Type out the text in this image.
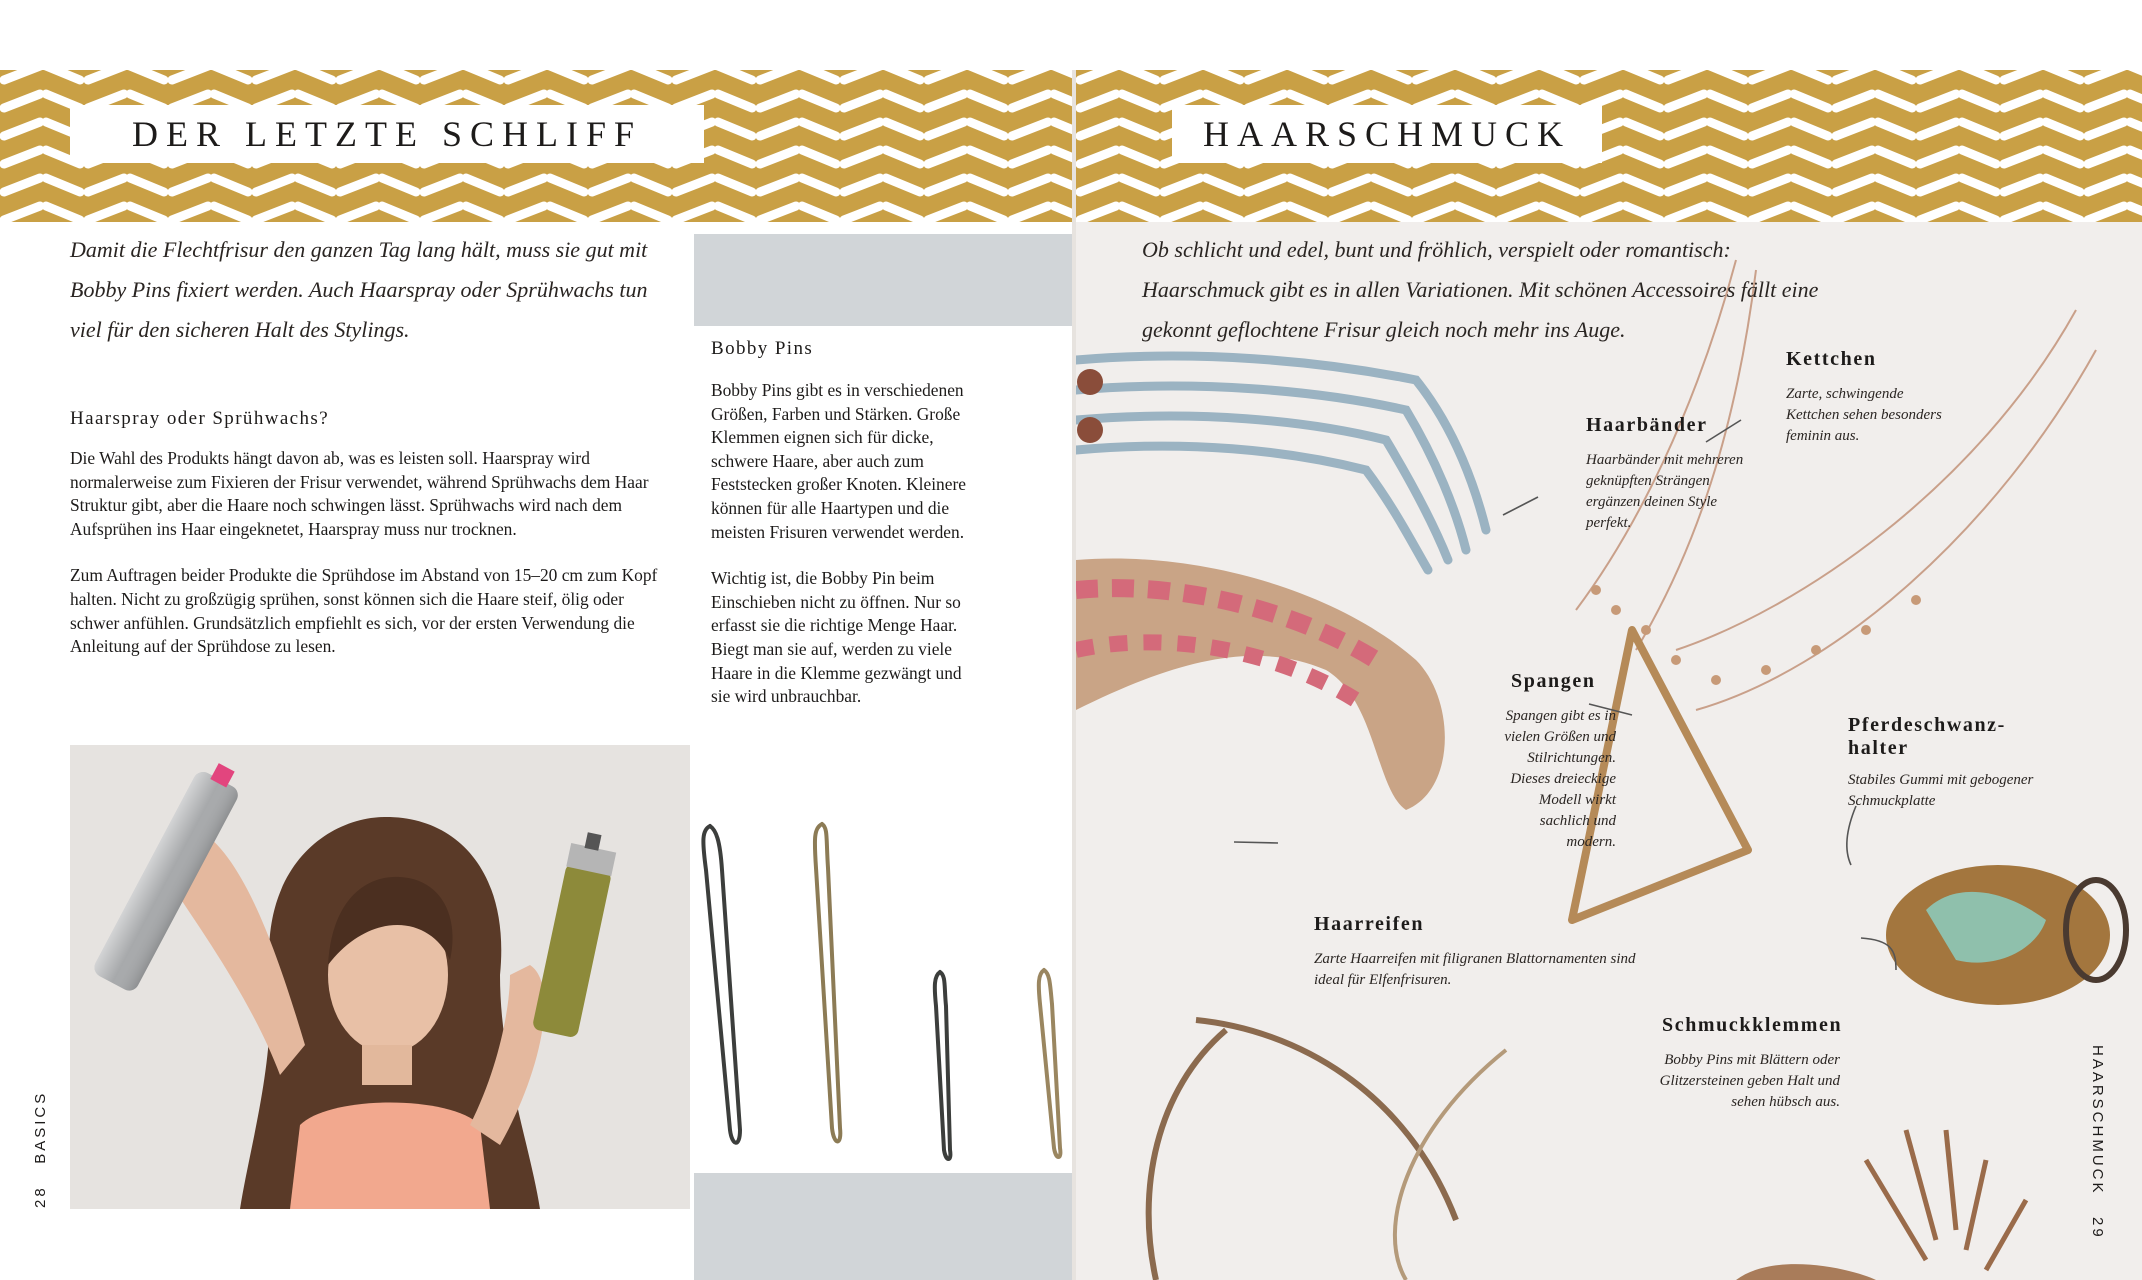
DER LETZTE SCHLIFF
Damit die Flechtfrisur den ganzen Tag lang hält, muss sie gut mit Bobby Pins fixiert werden. Auch Haarspray oder Sprühwachs tun viel für den sicheren Halt des Stylings.
Haarspray oder Sprühwachs?

Die Wahl des Produkts hängt davon ab, was es leisten soll. Haarspray wird normalerweise zum Fixieren der Frisur verwendet, während Sprühwachs dem Haar Struktur gibt, aber die Haare noch schwingen lässt. Sprühwachs wird nach dem Aufsprühen ins Haar eingeknetet, Haarspray muss nur trocknen.

Zum Auftragen beider Produkte die Sprühdose im Abstand von 15–20 cm zum Kopf halten. Nicht zu großzügig sprühen, sonst können sich die Haare steif, ölig oder schwer anfühlen. Grundsätzlich empfiehlt es sich, vor der ersten Verwendung die Anleitung auf der Sprühdose zu lesen.

Bobby Pins

Bobby Pins gibt es in verschiedenen Größen, Farben und Stärken. Große Klemmen eignen sich für dicke, schwere Haare, aber auch zum Feststecken großer Knoten. Kleinere können für alle Haartypen und die meisten Frisuren verwendet werden.

Wichtig ist, die Bobby Pin beim Einschieben nicht zu öffnen. Nur so erfasst sie die richtige Menge Haar. Biegt man sie auf, werden zu viele Haare in die Klemme gezwängt und sie wird unbrauchbar.

28   BASICS
HAARSCHMUCK
Ob schlicht und edel, bunt und fröhlich, verspielt oder romantisch: Haarschmuck gibt es in allen Variationen. Mit schönen Accessoires fällt eine gekonnt geflochtene Frisur gleich noch mehr ins Auge.
Kettchen
Zarte, schwingende Kettchen sehen besonders feminin aus.
Haarbänder
Haarbänder mit mehreren geknüpften Strängen ergänzen deinen Style perfekt.
Spangen
Spangen gibt es in vielen Größen und Stilrichtungen. Dieses dreieckige Modell wirkt sachlich und modern.
Pferdeschwanz-halter
Stabiles Gummi mit gebogener Schmuckplatte
Haarreifen
Zarte Haarreifen mit filigranen Blattornamenten sind ideal für Elfenfrisuren.
Schmuckklemmen
Bobby Pins mit Blättern oder Glitzersteinen geben Halt und sehen hübsch aus.	HAARSCHMUCK   29
